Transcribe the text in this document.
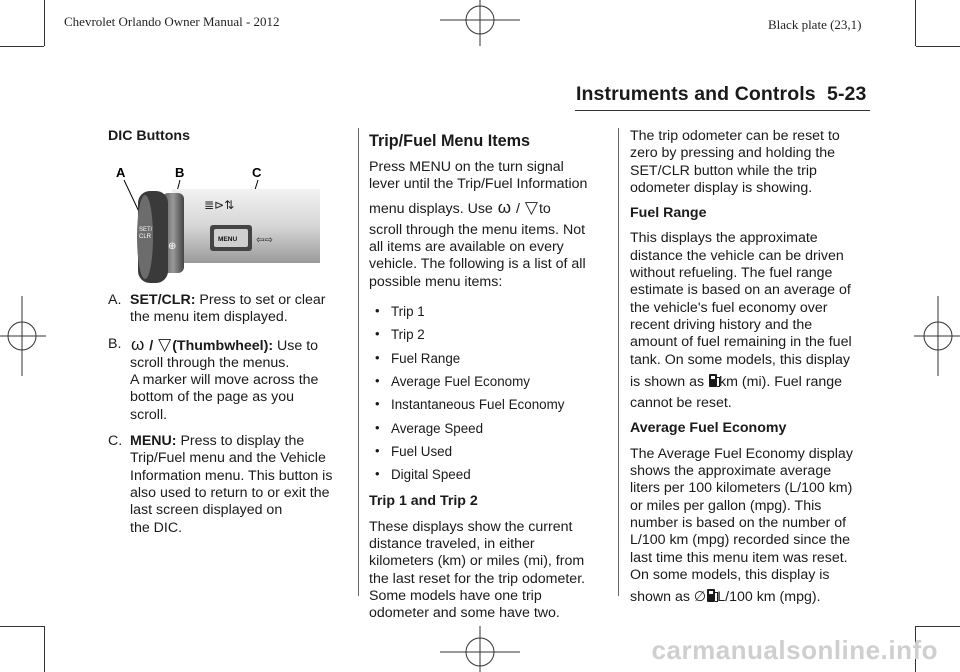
Chevrolet Orlando Owner Manual - 2012	Black plate (23,1)
Instruments and Controls 5-23

DIC Buttons

A	B	C
SET/
CLR
⊕
MENU
≣⊳⇅
⇦⇨
A. SET/CLR: Press to set or clear
the menu item displayed.
B. ω / ▽(Thumbwheel): Use to
scroll through the menus.
A marker will move across the
bottom of the page as you
scroll.
C. MENU: Press to display the
Trip/Fuel menu and the Vehicle
Information menu. This button is
also used to return to or exit the
last screen displayed on
the DIC.

Trip/Fuel Menu Items

Press MENU on the turn signal
lever until the Trip/Fuel Information

menu displays. Use ω / ▽to

scroll through the menu items. Not
all items are available on every
vehicle. The following is a list of all
possible menu items:

• Trip 1
• Trip 2
• Fuel Range
• Average Fuel Economy
• Instantaneous Fuel Economy
• Average Speed
• Fuel Used
• Digital Speed

Trip 1 and Trip 2

These displays show the current
distance traveled, in either
kilometers (km) or miles (mi), from
the last reset for the trip odometer.
Some models have one trip
odometer and some have two.

The trip odometer can be reset to
zero by pressing and holding the
SET/CLR button while the trip
odometer display is showing.

Fuel Range

This displays the approximate
distance the vehicle can be driven
without refueling. The fuel range
estimate is based on an average of
the vehicle's fuel economy over
recent driving history and the
amount of fuel remaining in the fuel
tank. On some models, this display

is shown as km (mi). Fuel range

cannot be reset.

Average Fuel Economy

The Average Fuel Economy display
shows the approximate average
liters per 100 kilometers (L/100 km)
or miles per gallon (mpg). This
number is based on the number of
L/100 km (mpg) recorded since the
last time this menu item was reset.
On some models, this display is

shown as ∅ L/100 km (mpg).

carmanualsonline.info
